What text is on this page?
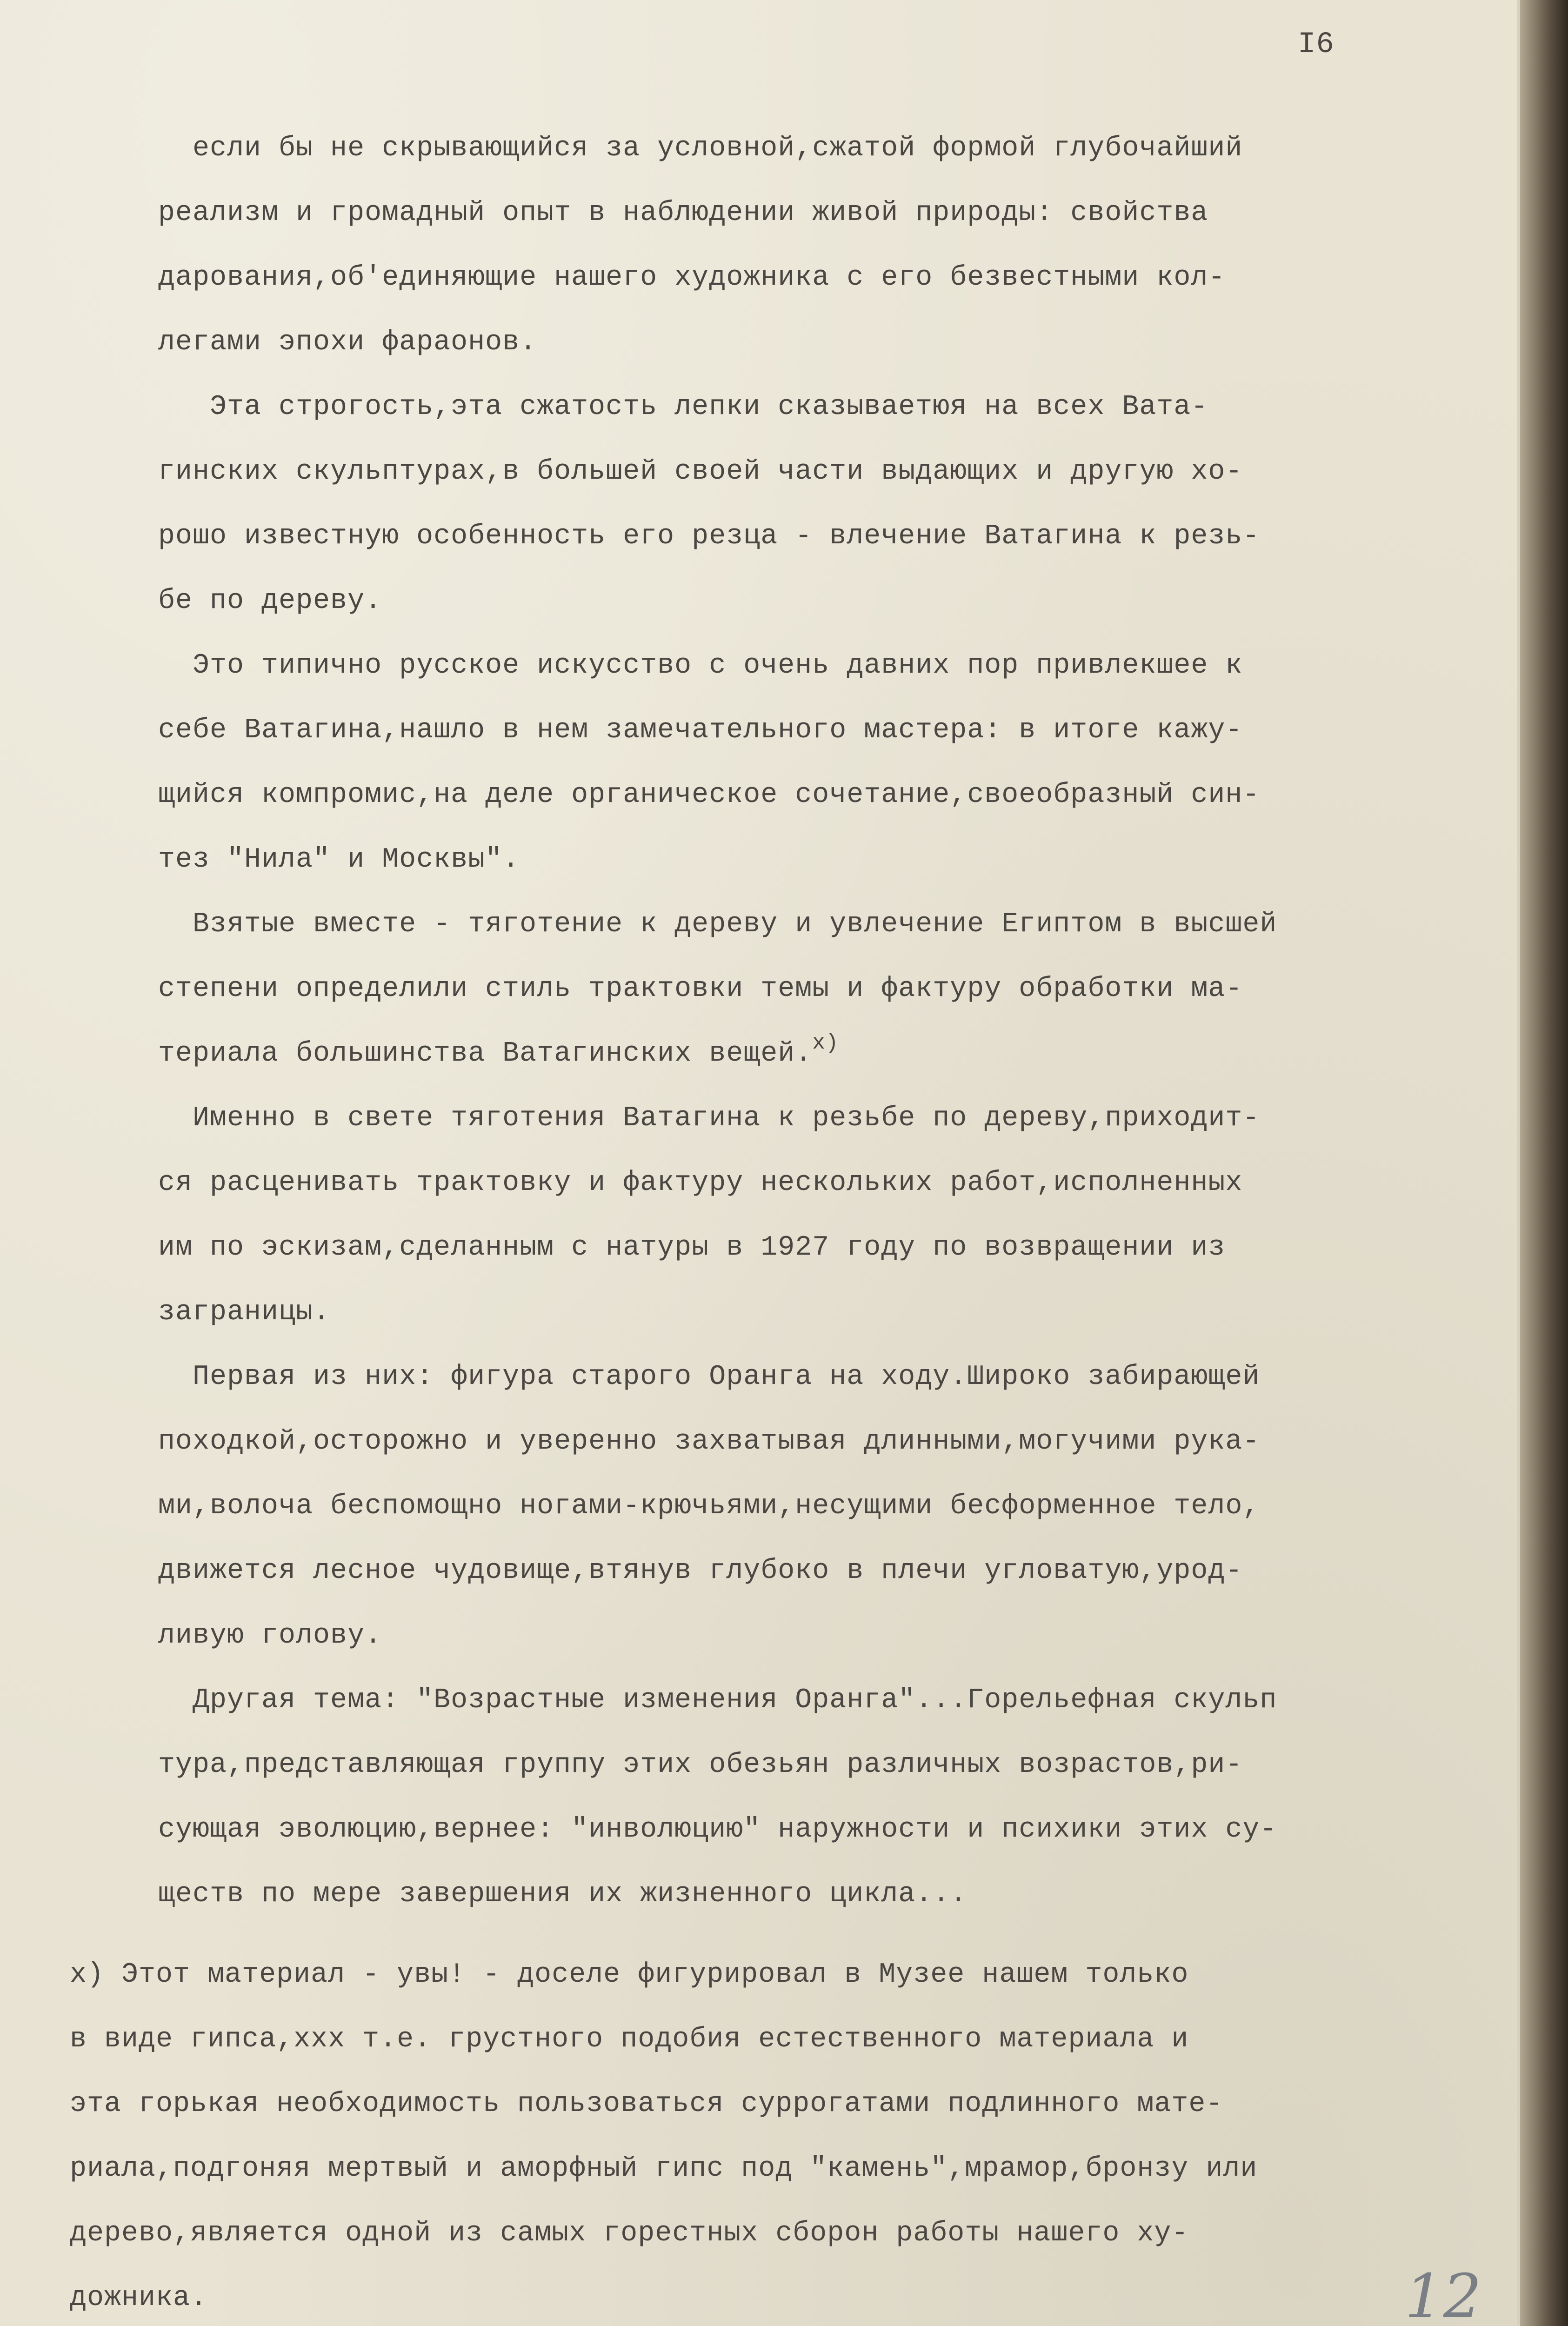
I6
если бы не скрывающийся за условной,сжатой формой глубочайший
реализм и громадный опыт в наблюдении живой природы: свойства
дарования,об'единяющие нашего художника с его безвестными кол-
легами эпохи фараонов.
Эта строгость,эта сжатость лепки сказываетюя на всех Вата-
гинских скульптурах,в большей своей части выдающих и другую хо-
рошо известную особенность его резца - влечение Ватагина к резь-
бе по дереву.
Это типично русское искусство с очень давних пор привлекшее к
себе Ватагина,нашло в нем замечательного мастера: в итоге кажу-
щийся компромис,на деле органическое сочетание,своеобразный син-
тез "Нила" и Москвы".
Взятые вместе - тяготение к дереву и увлечение Египтом в высшей
степени определили стиль трактовки темы и фактуру обработки ма-
териала большинства Ватагинских вещей.$^{x)}$
Именно в свете тяготения Ватагина к резьбе по дереву,приходит-
ся расценивать трактовку и фактуру нескольких работ,исполненных
им по эскизам,сделанным с натуры в 1927 году по возвращении из
заграницы.
Первая из них: фигура старого Оранга на ходу.Широко забирающей
походкой,осторожно и уверенно захватывая длинными,могучими рука-
ми,волоча беспомощно ногами-крючьями,несущими бесформенное тело,
движется лесное чудовище,втянув глубоко в плечи угловатую,урод-
ливую голову.
Другая тема: "Возрастные изменения Оранга"...Горельефная скульп
тура,представляющая группу этих обезьян различных возрастов,ри-
сующая эволюцию,вернее: "инволюцию" наружности и психики этих су-
ществ по мере завершения их жизненного цикла...
x) Этот материал - увы! - доселе фигурировал в Музее нашем только
в виде гипса,ххх т.е. грустного подобия естественного материала и
эта горькая необходимость пользоваться суррогатами подлинного мате-
риала,подгоняя мертвый и аморфный гипс под "камень",мрамор,бронзу или
дерево,является одной из самых горестных сборон работы нашего ху-
дожника.	12
